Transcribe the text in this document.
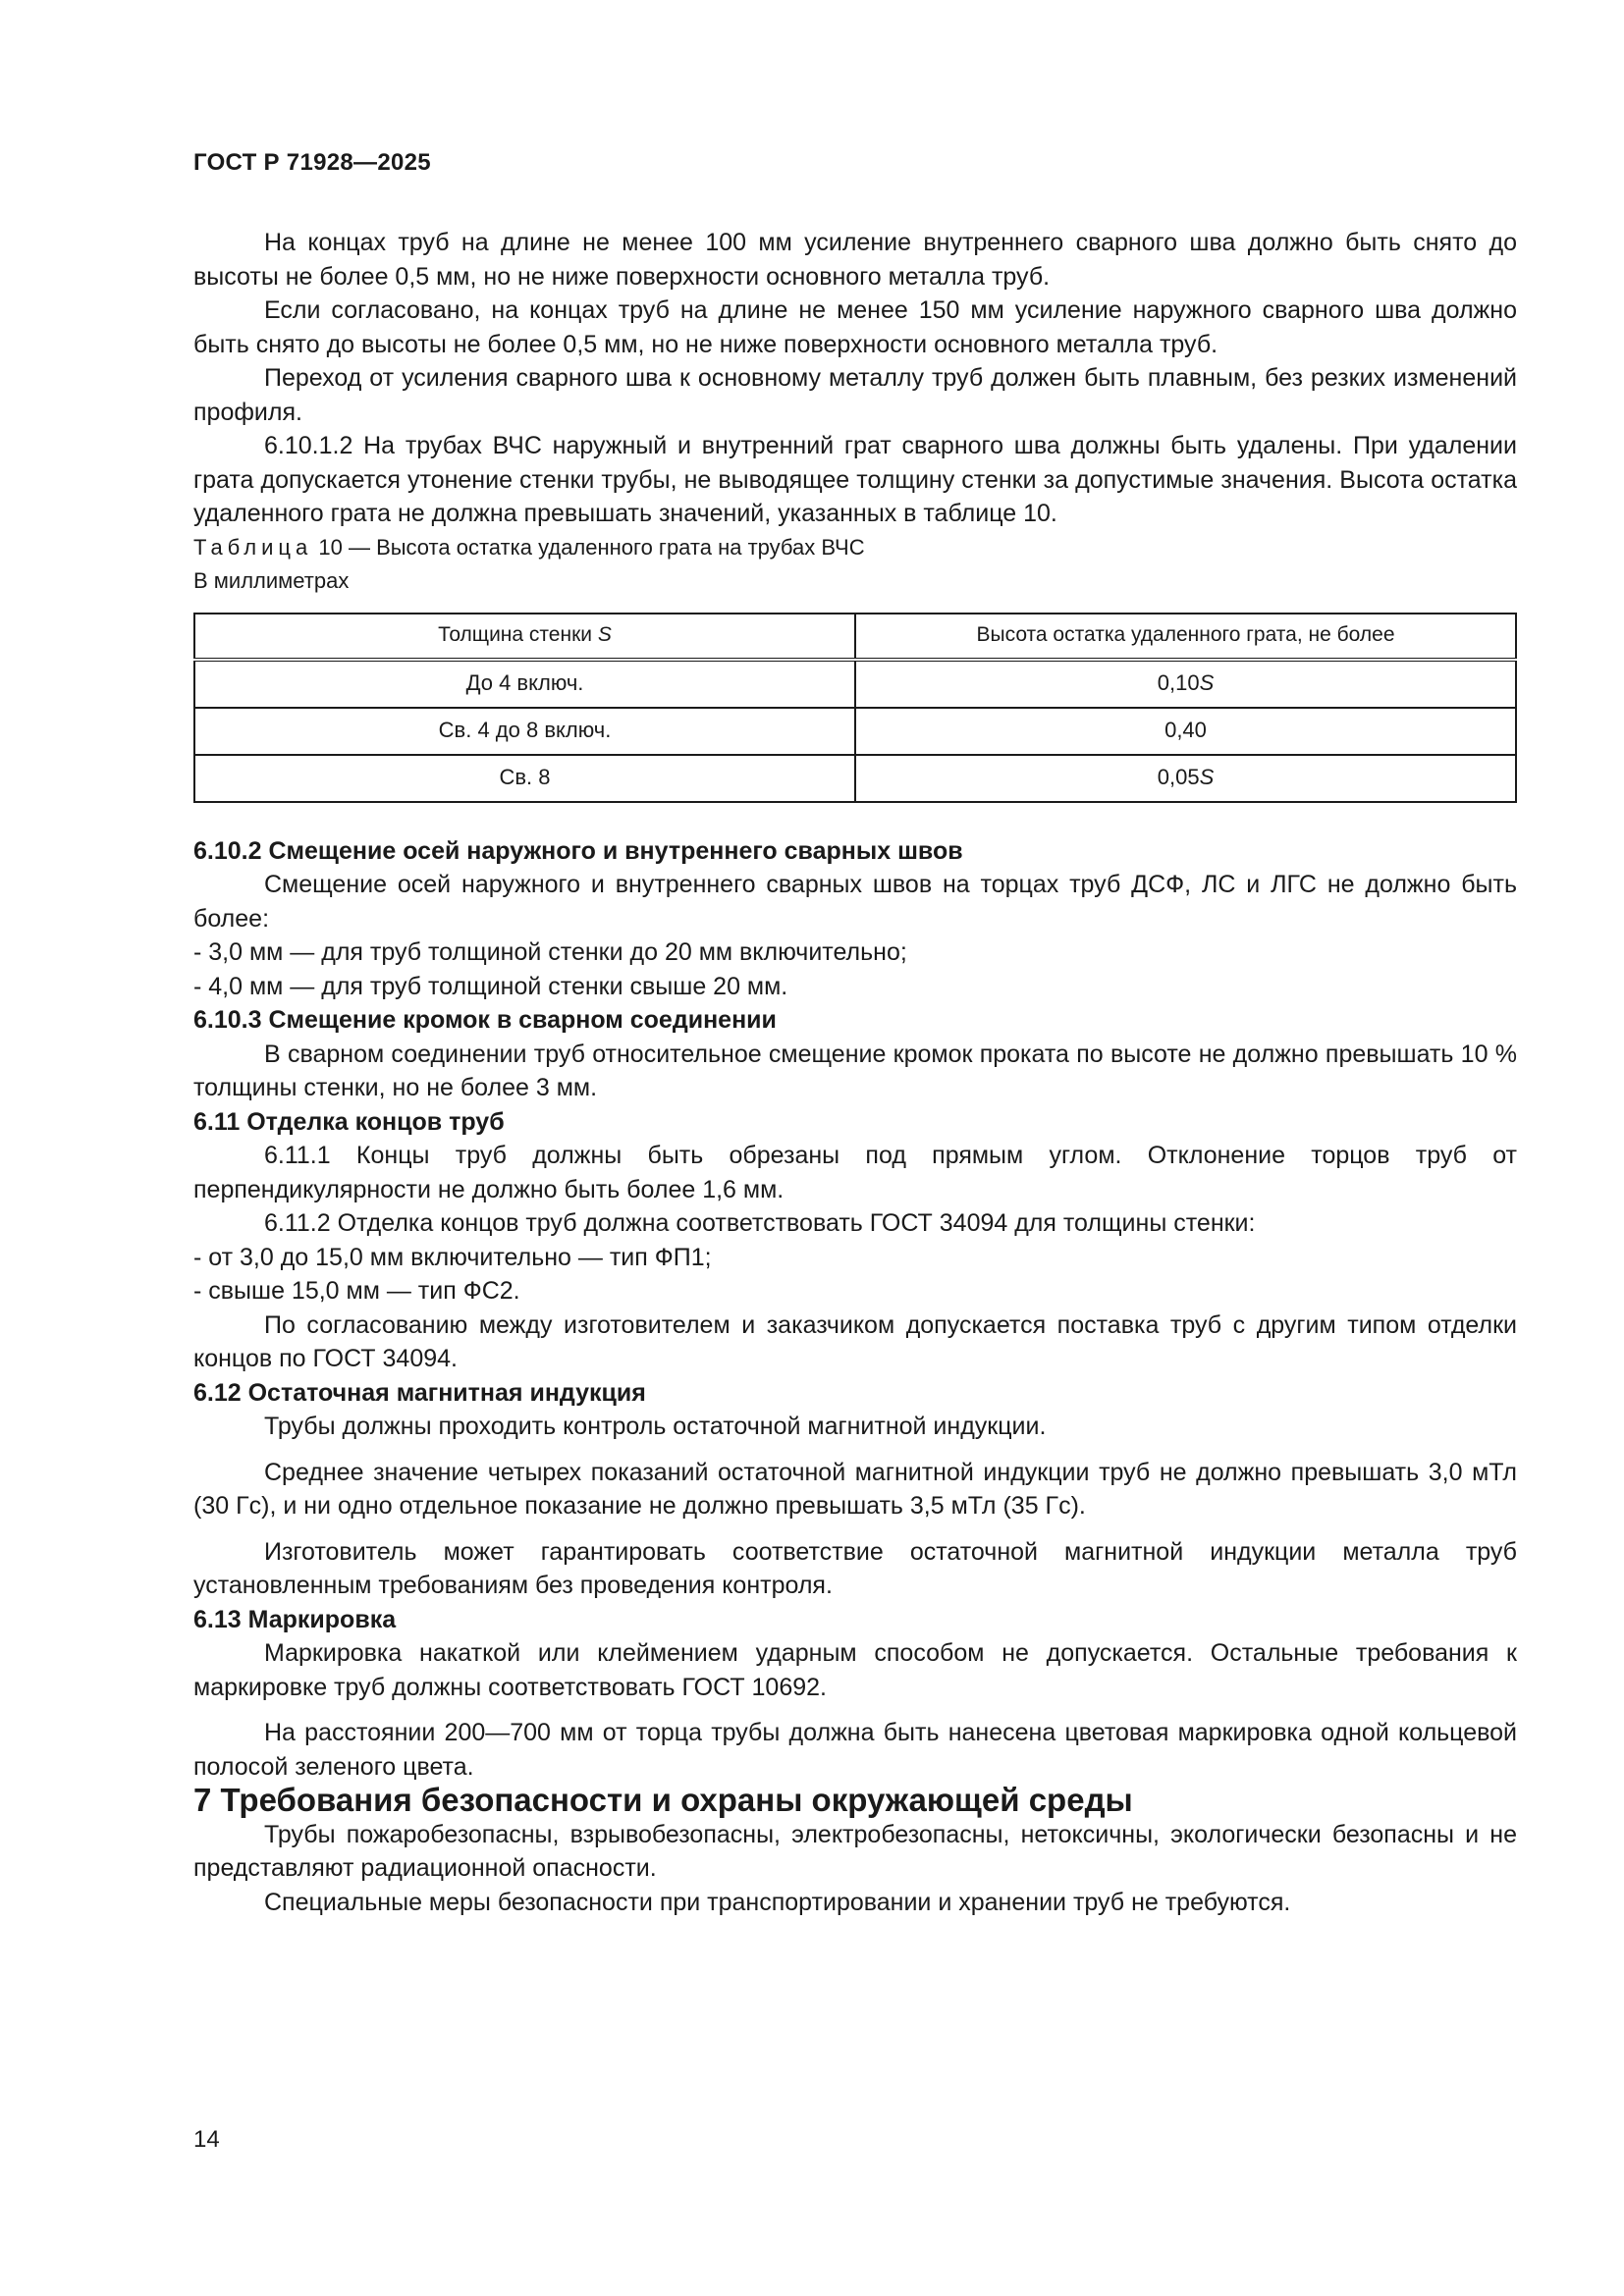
ГОСТ Р 71928—2025

На концах труб на длине не менее 100 мм усиление внутреннего сварного шва должно быть снято до высоты не более 0,5 мм, но не ниже поверхности основного металла труб.

Если согласовано, на концах труб на длине не менее 150 мм усиление наружного сварного шва должно быть снято до высоты не более 0,5 мм, но не ниже поверхности основного металла труб.

Переход от усиления сварного шва к основному металлу труб должен быть плавным, без резких изменений профиля.

6.10.1.2 На трубах ВЧС наружный и внутренний грат сварного шва должны быть удалены. При удалении грата допускается утонение стенки трубы, не выводящее толщину стенки за допустимые значения. Высота остатка удаленного грата не должна превышать значений, указанных в таблице 10.

Таблица 10 — Высота остатка удаленного грата на трубах ВЧС

В миллиметрах

Толщина стенки S	Высота остатка удаленного грата, не более
До 4 включ.	0,10S
Св. 4 до 8 включ.	0,40
Св. 8	0,05S

6.10.2 Смещение осей наружного и внутреннего сварных швов

Смещение осей наружного и внутреннего сварных швов на торцах труб ДСФ, ЛС и ЛГС не должно быть более:

- 3,0 мм — для труб толщиной стенки до 20 мм включительно;

- 4,0 мм — для труб толщиной стенки свыше 20 мм.

6.10.3 Смещение кромок в сварном соединении

В сварном соединении труб относительное смещение кромок проката по высоте не должно превышать 10 % толщины стенки, но не более 3 мм.

6.11 Отделка концов труб

6.11.1 Концы труб должны быть обрезаны под прямым углом. Отклонение торцов труб от перпендикулярности не должно быть более 1,6 мм.

6.11.2 Отделка концов труб должна соответствовать ГОСТ 34094 для толщины стенки:

- от 3,0 до 15,0 мм включительно — тип ФП1;

- свыше 15,0 мм — тип ФС2.

По согласованию между изготовителем и заказчиком допускается поставка труб с другим типом отделки концов по ГОСТ 34094.

6.12 Остаточная магнитная индукция

Трубы должны проходить контроль остаточной магнитной индукции.

Среднее значение четырех показаний остаточной магнитной индукции труб не должно превышать 3,0 мТл (30 Гс), и ни одно отдельное показание не должно превышать 3,5 мТл (35 Гс).

Изготовитель может гарантировать соответствие остаточной магнитной индукции металла труб установленным требованиям без проведения контроля.

6.13 Маркировка

Маркировка накаткой или клеймением ударным способом не допускается. Остальные требования к маркировке труб должны соответствовать ГОСТ 10692.

На расстоянии 200—700 мм от торца трубы должна быть нанесена цветовая маркировка одной кольцевой полосой зеленого цвета.

7 Требования безопасности и охраны окружающей среды

Трубы пожаробезопасны, взрывобезопасны, электробезопасны, нетоксичны, экологически безопасны и не представляют радиационной опасности.

Специальные меры безопасности при транспортировании и хранении труб не требуются.

14
